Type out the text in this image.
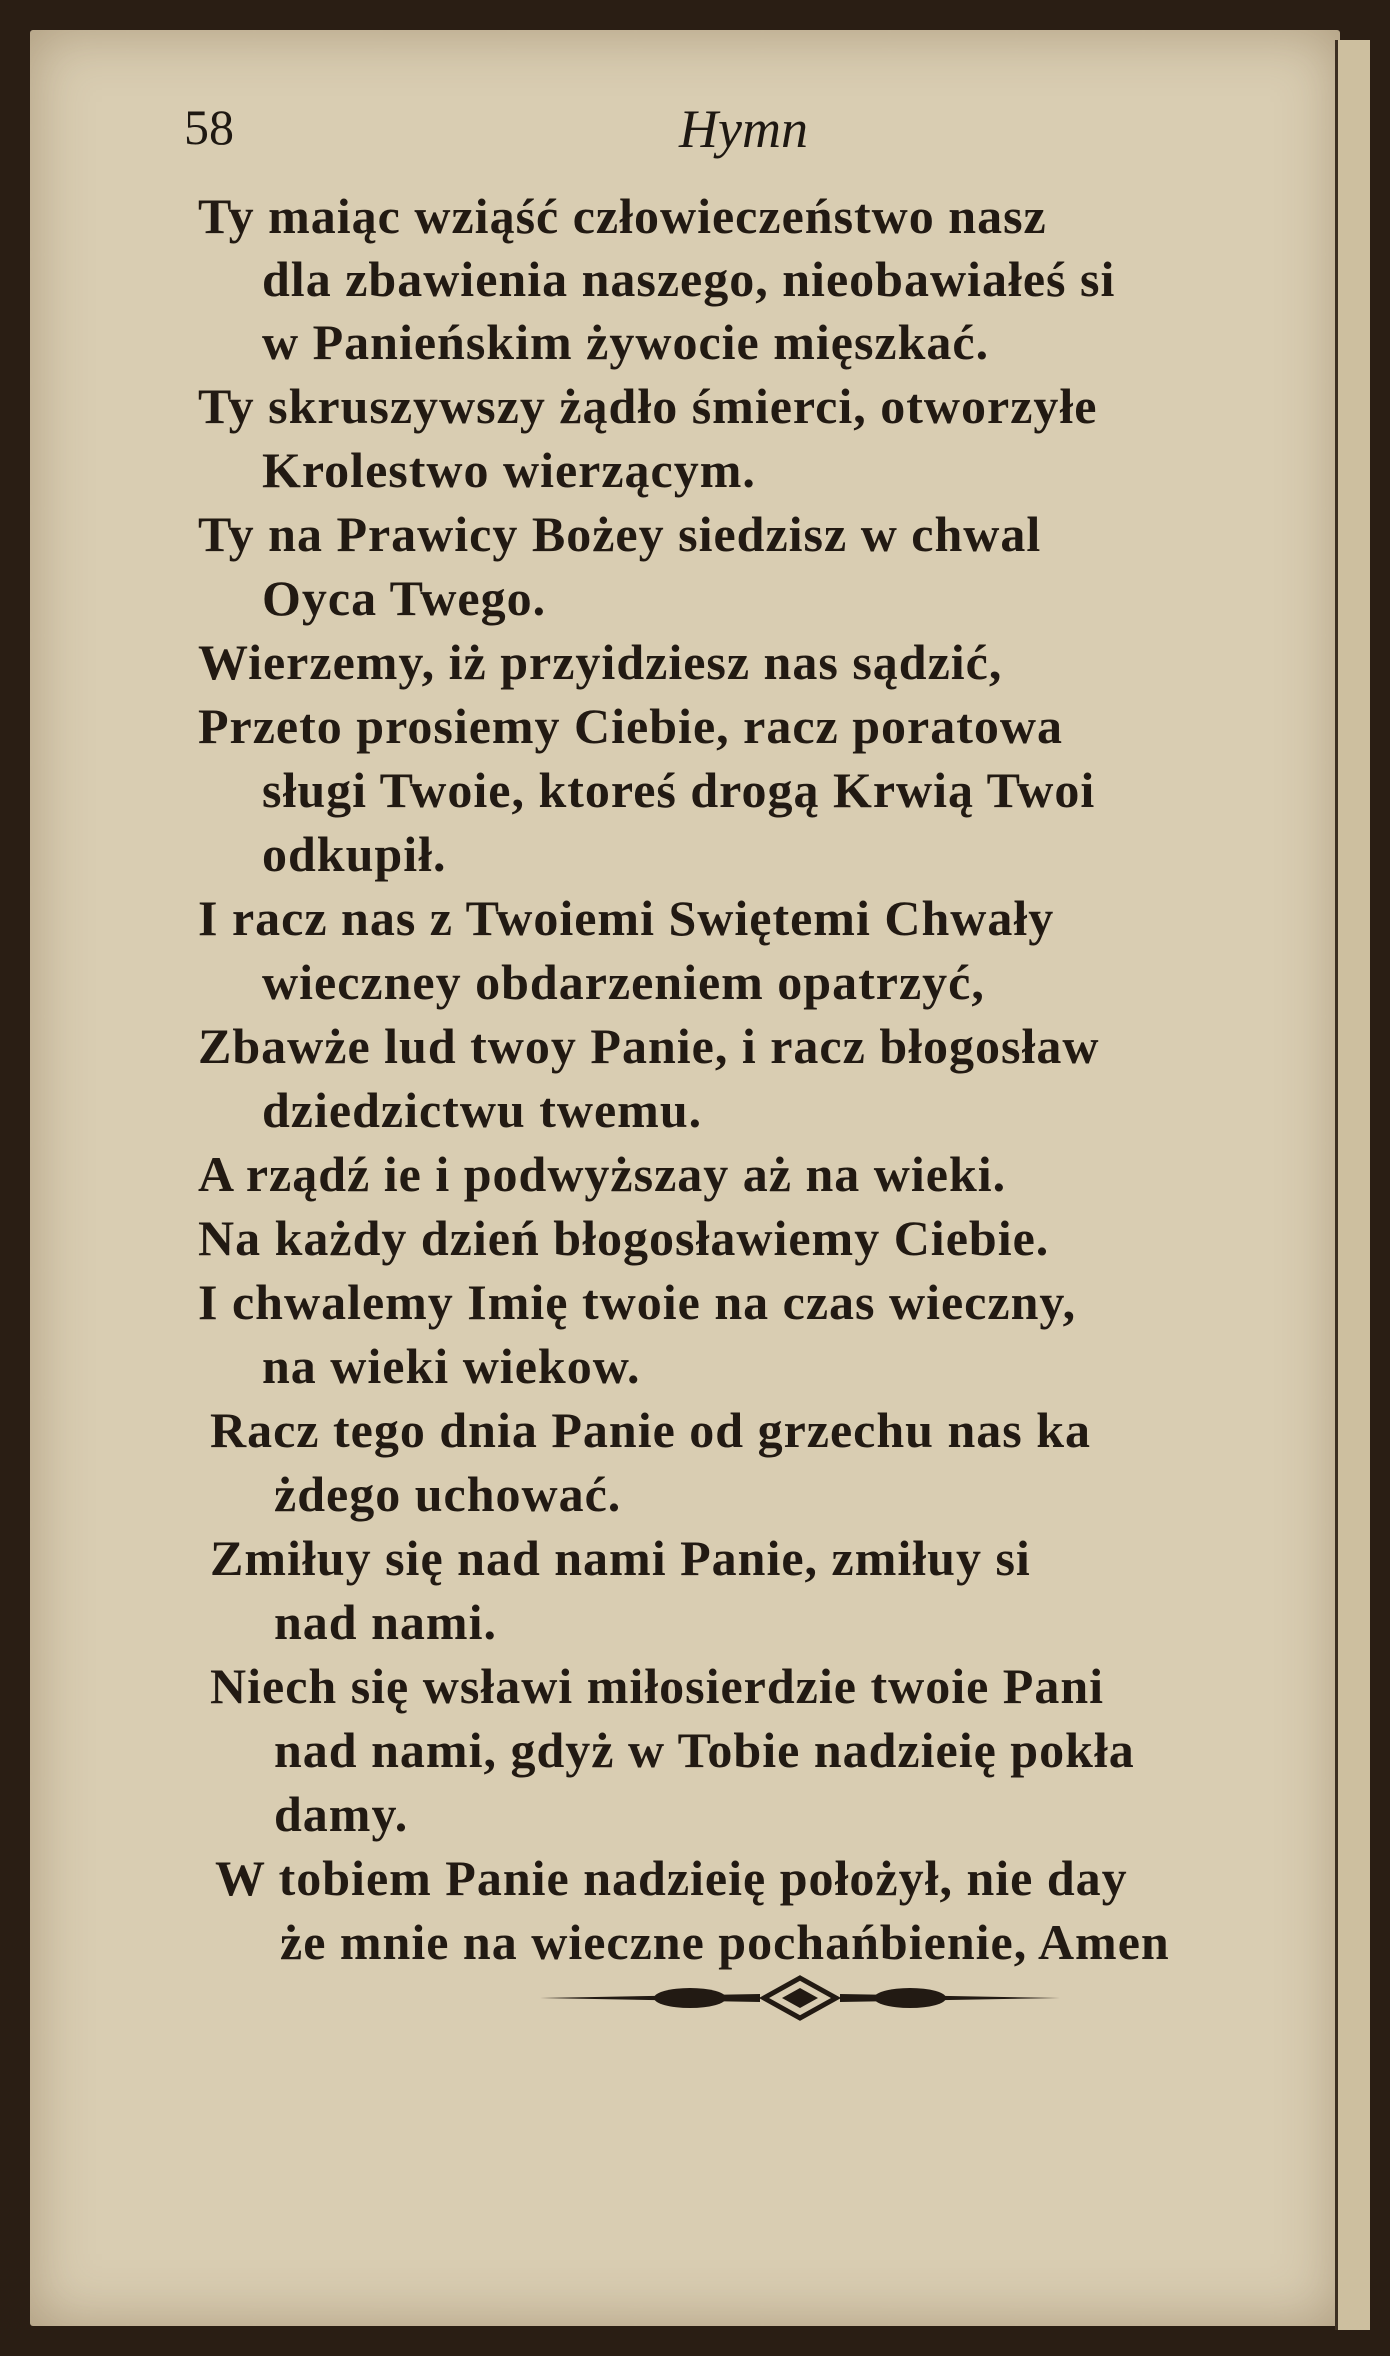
58	Hymn
Ty maiąc wziąść człowieczeństwo nasz
dla zbawienia naszego, nieobawiałeś si
w Panieńskim żywocie mięszkać.
Ty skruszywszy żądło śmierci, otworzyłe
Krolestwo wierzącym.
Ty na Prawicy Bożey siedzisz w chwal
Oyca Twego.
Wierzemy, iż przyidziesz nas sądzić,
Przeto prosiemy Ciebie, racz poratowa
sługi Twoie, ktoreś drogą Krwią Twoi
odkupił.
I racz nas z Twoiemi Swiętemi Chwały
wieczney obdarzeniem opatrzyć,
Zbawże lud twoy Panie, i racz błogosław
dziedzictwu twemu.
A rządź ie i podwyższay aż na wieki.
Na każdy dzień błogosławiemy Ciebie.
I chwalemy Imię twoie na czas wieczny,
na wieki wiekow.
Racz tego dnia Panie od grzechu nas ka
żdego uchować.
Zmiłuy się nad nami Panie, zmiłuy si
nad nami.
Niech się wsławi miłosierdzie twoie Pani
nad nami, gdyż w Tobie nadzieię pokła
damy.
W tobiem Panie nadzieię położył, nie day
że mnie na wieczne pochańbienie, Amen
